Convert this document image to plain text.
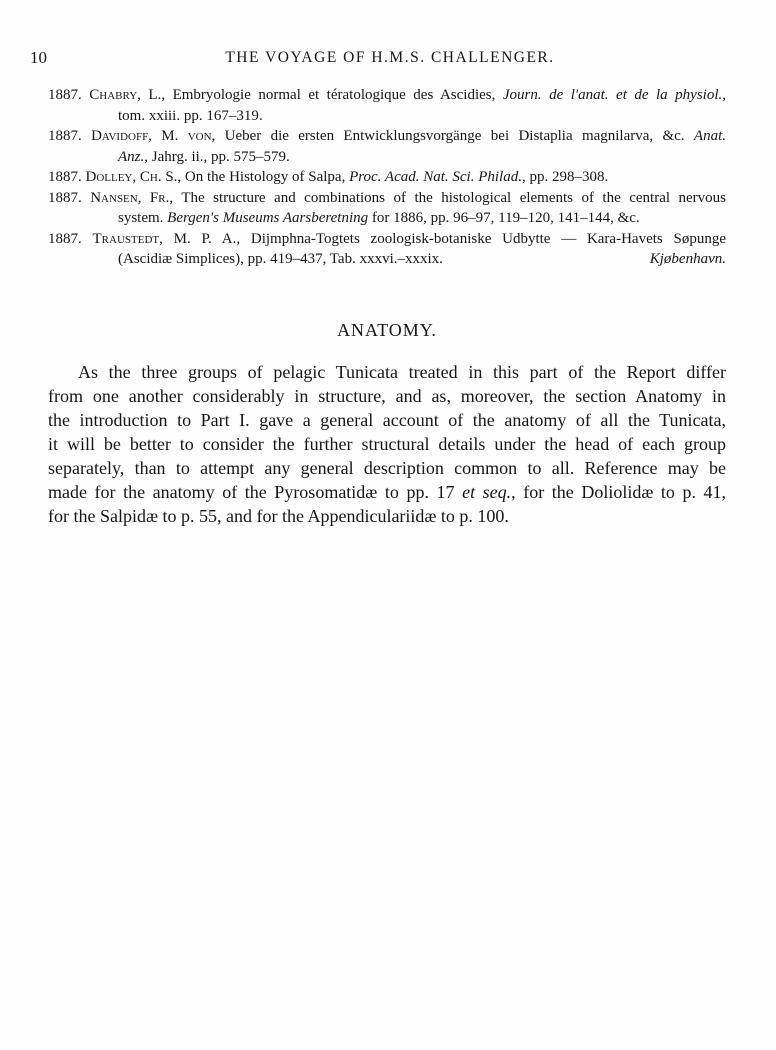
10	THE VOYAGE OF H.M.S. CHALLENGER.
1887. Chabry, L., Embryologie normal et tératologique des Ascidies, Journ. de l'anat. et de la physiol.,
tom. xxiii. pp. 167–319.
1887. Davidoff, M. von, Ueber die ersten Entwicklungsvorgänge bei Distaplia magnilarva, &c. Anat.
Anz., Jahrg. ii., pp. 575–579.
1887. Dolley, Ch. S., On the Histology of Salpa, Proc. Acad. Nat. Sci. Philad., pp. 298–308.
1887. Nansen, Fr., The structure and combinations of the histological elements of the central nervous
system. Bergen's Museums Aarsberetning for 1886, pp. 96–97, 119–120, 141–144, &c.
1887. Traustedt, M. P. A., Dijmphna-Togtets zoologisk-botaniske Udbytte — Kara-Havets Søpunge
(Ascidiæ Simplices), pp. 419–437, Tab. xxxvi.–xxxix.	Kjøbenhavn.
ANATOMY.
As the three groups of pelagic Tunicata treated in this part of the Report differ
from one another considerably in structure, and as, moreover, the section Anatomy in
the introduction to Part I. gave a general account of the anatomy of all the Tunicata,
it will be better to consider the further structural details under the head of each group
separately, than to attempt any general description common to all. Reference may be
made for the anatomy of the Pyrosomatidæ to pp. 17 et seq., for the Doliolidæ to p. 41,
for the Salpidæ to p. 55, and for the Appendiculariidæ to p. 100.
